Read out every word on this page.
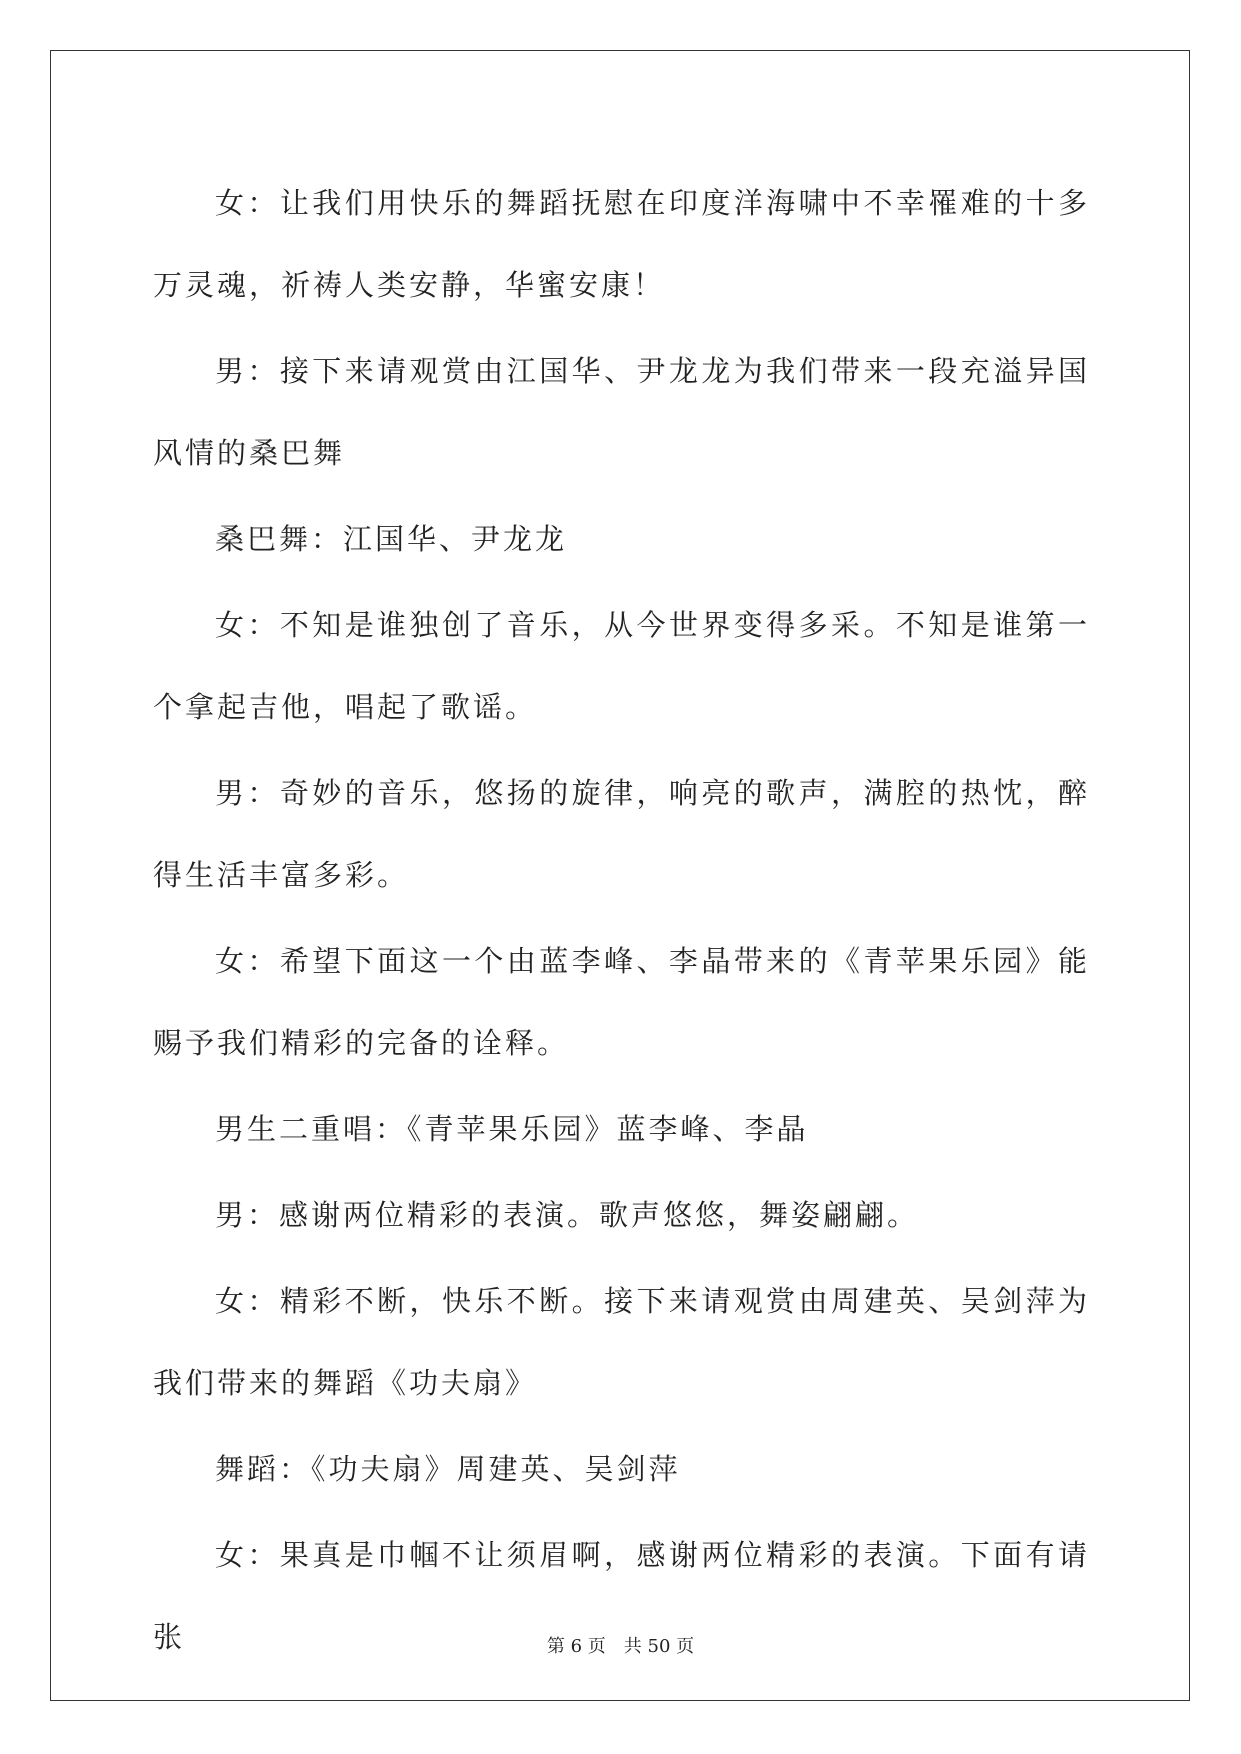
女：让我们用快乐的舞蹈抚慰在印度洋海啸中不幸罹难的十多万灵魂，祈祷人类安静，华蜜安康！

男：接下来请观赏由江国华、尹龙龙为我们带来一段充溢异国风情的桑巴舞

桑巴舞：江国华、尹龙龙

女：不知是谁独创了音乐，从今世界变得多采。不知是谁第一个拿起吉他，唱起了歌谣。

男：奇妙的音乐，悠扬的旋律，响亮的歌声，满腔的热忱，醉得生活丰富多彩。

女：希望下面这一个由蓝李峰、李晶带来的《青苹果乐园》能赐予我们精彩的完备的诠释。

男生二重唱：《青苹果乐园》蓝李峰、李晶

男：感谢两位精彩的表演。歌声悠悠，舞姿翩翩。

女：精彩不断，快乐不断。接下来请观赏由周建英、吴剑萍为我们带来的舞蹈《功夫扇》

舞蹈：《功夫扇》周建英、吴剑萍

女：果真是巾帼不让须眉啊，感谢两位精彩的表演。下面有请张	第 6 页　共 50 页
